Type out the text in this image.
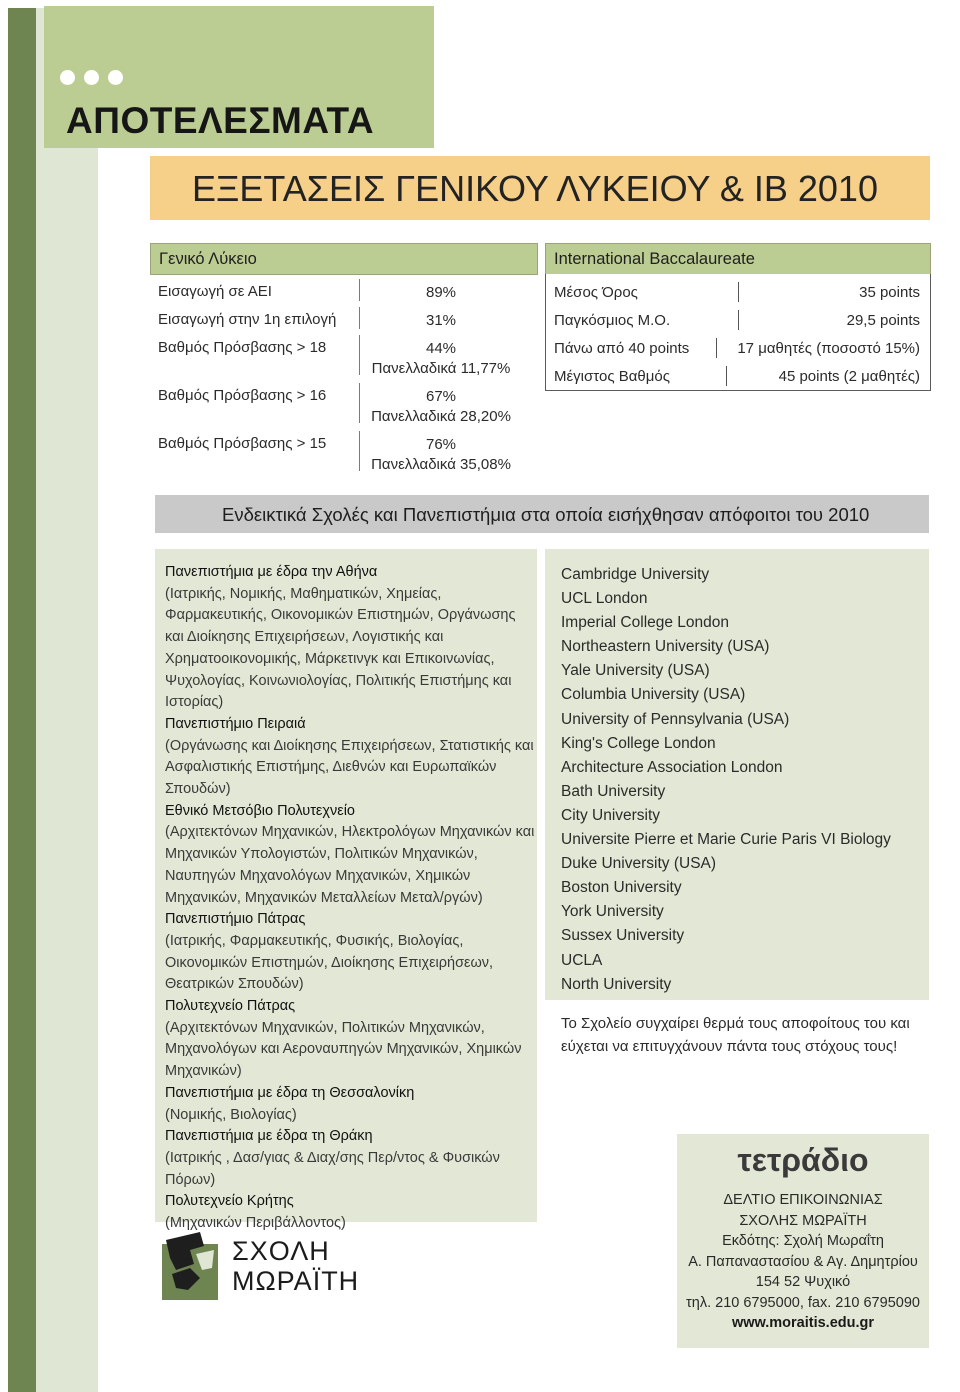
ΑΠΟΤΕΛΕΣΜΑΤΑ
ΕΞΕΤΑΣΕΙΣ ΓΕΝΙΚΟΥ ΛΥΚΕΙΟΥ & ΙΒ 2010
Γενικό Λύκειο
Εισαγωγή σε ΑΕΙ	89%
Εισαγωγή στην 1η επιλογή	31%
Βαθμός Πρόσβασης > 18	44%
Πανελλαδικά 11,77%
Βαθμός Πρόσβασης > 16	67%
Πανελλαδικά 28,20%
Βαθμός Πρόσβασης > 15	76%
Πανελλαδικά 35,08%
International Baccalaureate
Μέσος Όρος	35 points
Παγκόσμιος Μ.Ο.	29,5 points
Πάνω από 40 points	17 μαθητές (ποσοστό 15%)
Μέγιστος Βαθμός	45 points (2 μαθητές)
Ενδεικτικά Σχολές και Πανεπιστήμια στα οποία εισήχθησαν απόφοιτοι του 2010
Πανεπιστήμια με έδρα την Αθήνα
(Ιατρικής, Νομικής, Μαθηματικών, Χημείας, Φαρμακευτικής, Οικονομικών Επιστημών, Οργάνωσης και Διοίκησης Επιχειρήσεων, Λογιστικής και Χρηματοοικονομικής, Μάρκετινγκ και Επικοινωνίας, Ψυχολογίας, Κοινωνιολογίας, Πολιτικής Επιστήμης και Ιστορίας)
Πανεπιστήμιο Πειραιά
(Οργάνωσης και Διοίκησης Επιχειρήσεων, Στατιστικής και Ασφαλιστικής Επιστήμης, Διεθνών και Ευρωπαϊκών Σπουδών)
Εθνικό Μετσόβιο Πολυτεχνείο
(Αρχιτεκτόνων Μηχανικών, Ηλεκτρολόγων Μηχανικών και Μηχανικών Υπολογιστών, Πολιτικών Μηχανικών, Ναυπηγών Μηχανολόγων Μηχανικών, Χημικών Μηχανικών, Μηχανικών Μεταλλείων Μεταλ/ργών)
Πανεπιστήμιο Πάτρας
(Ιατρικής, Φαρμακευτικής, Φυσικής, Βιολογίας, Οικονομικών Επιστημών, Διοίκησης Επιχειρήσεων, Θεατρικών Σπουδών)
Πολυτεχνείο Πάτρας
(Αρχιτεκτόνων Μηχανικών, Πολιτικών Μηχανικών, Μηχανολόγων και Αεροναυπηγών Μηχανικών, Χημικών Μηχανικών)
Πανεπιστήμια με έδρα τη Θεσσαλονίκη
(Νομικής, Βιολογίας)
Πανεπιστήμια με έδρα τη Θράκη
(Ιατρικής , Δασ/γιας & Διαχ/σης Περ/ντος & Φυσικών Πόρων)
Πολυτεχνείο Κρήτης
(Μηχανικών Περιβάλλοντος)
Cambridge University
UCL London
Imperial College London
Northeastern University (USA)
Yale University (USA)
Columbia University (USA)
University of Pennsylvania (USA)
King's College London
Architecture Association London
Bath University
City University
Universite Pierre et Marie Curie Paris VI Biology
Duke University (USA)
Boston University
York University
Sussex University
UCLA
North University
Το Σχολείο συγχαίρει θερμά τους αποφοίτους του και εύχεται να επιτυγχάνουν πάντα τους στόχους τους!
ΣΧΟΛΗ
ΜΩΡΑΪΤΗ
τετράδιο
ΔΕΛΤΙΟ ΕΠΙΚΟΙΝΩΝΙΑΣ
ΣΧΟΛΗΣ ΜΩΡΑΪΤΗ
Εκδότης: Σχολή Μωραΐτη
Α. Παπαναστασίου & Αγ. Δημητρίου
154 52 Ψυχικό
τηλ. 210 6795000, fax. 210 6795090
www.moraitis.edu.gr
